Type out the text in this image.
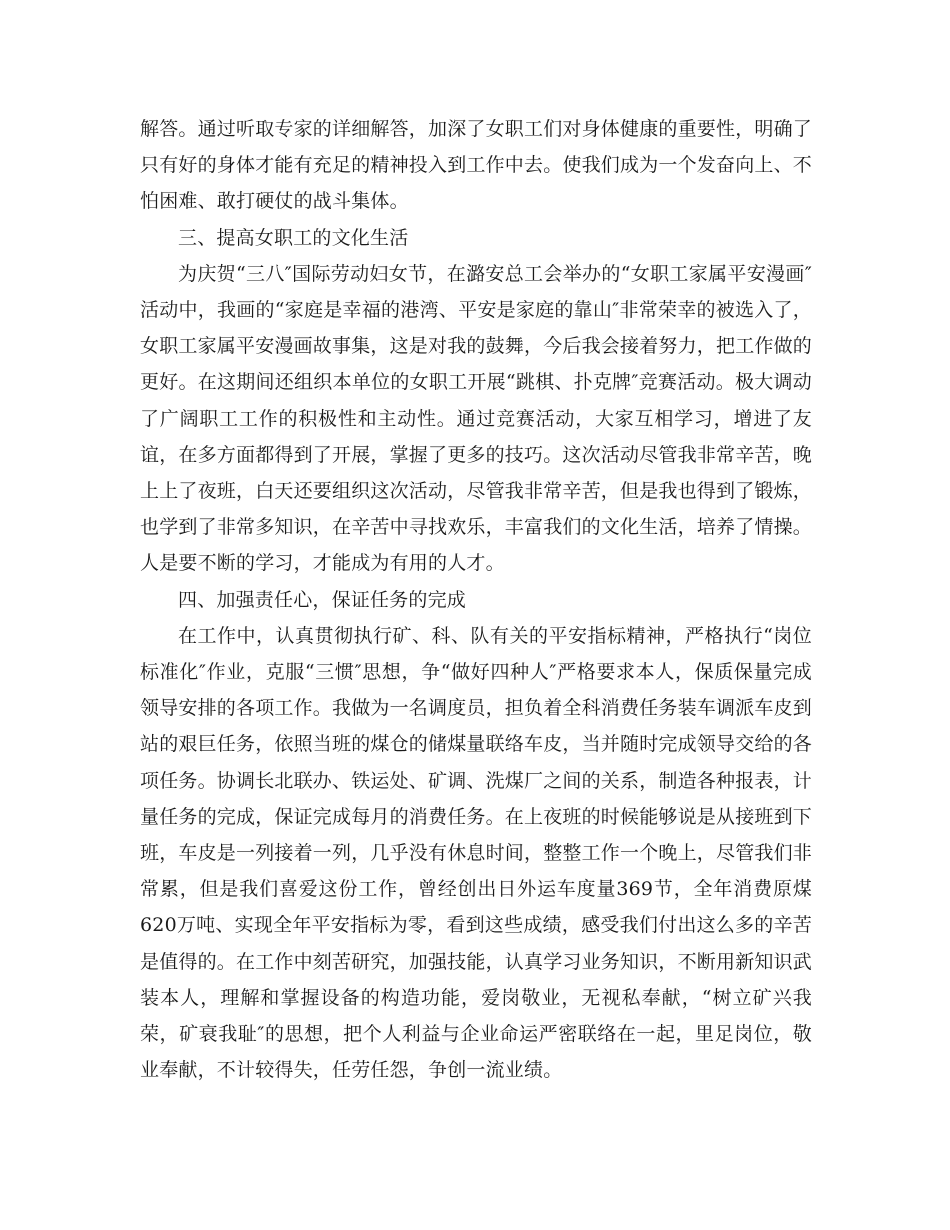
解答。通过听取专家的详细解答，加深了女职工们对身体健康的重要性，明确了只有好的身体才能有充足的精神投入到工作中去。使我们成为一个发奋向上、不怕困难、敢打硬仗的战斗集体。

三、提高女职工的文化生活

为庆贺“三八″国际劳动妇女节，在潞安总工会举办的“女职工家属平安漫画″活动中，我画的“家庭是幸福的港湾、平安是家庭的靠山″非常荣幸的被选入了，女职工家属平安漫画故事集，这是对我的鼓舞，今后我会接着努力，把工作做的更好。在这期间还组织本单位的女职工开展“跳棋、扑克牌″竞赛活动。极大调动了广阔职工工作的积极性和主动性。通过竞赛活动，大家互相学习，增进了友谊，在多方面都得到了开展，掌握了更多的技巧。这次活动尽管我非常辛苦，晚上上了夜班，白天还要组织这次活动，尽管我非常辛苦，但是我也得到了锻炼，也学到了非常多知识，在辛苦中寻找欢乐，丰富我们的文化生活，培养了情操。人是要不断的学习，才能成为有用的人才。

四、加强责任心，保证任务的完成

在工作中，认真贯彻执行矿、科、队有关的平安指标精神，严格执行“岗位标准化″作业，克服“三惯″思想，争“做好四种人″严格要求本人，保质保量完成领导安排的各项工作。我做为一名调度员，担负着全科消费任务装车调派车皮到站的艰巨任务，依照当班的煤仓的储煤量联络车皮，当并随时完成领导交给的各项任务。协调长北联办、铁运处、矿调、洗煤厂之间的关系，制造各种报表，计量任务的完成，保证完成每月的消费任务。在上夜班的时候能够说是从接班到下班，车皮是一列接着一列，几乎没有休息时间，整整工作一个晚上，尽管我们非常累，但是我们喜爱这份工作，曾经创出日外运车度量369节，全年消费原煤620万吨、实现全年平安指标为零，看到这些成绩，感受我们付出这么多的辛苦是值得的。在工作中刻苦研究，加强技能，认真学习业务知识，不断用新知识武装本人，理解和掌握设备的构造功能，爱岗敬业，无视私奉献，“树立矿兴我荣，矿衰我耻″的思想，把个人利益与企业命运严密联络在一起，里足岗位，敬业奉献，不计较得失，任劳任怨，争创一流业绩。
